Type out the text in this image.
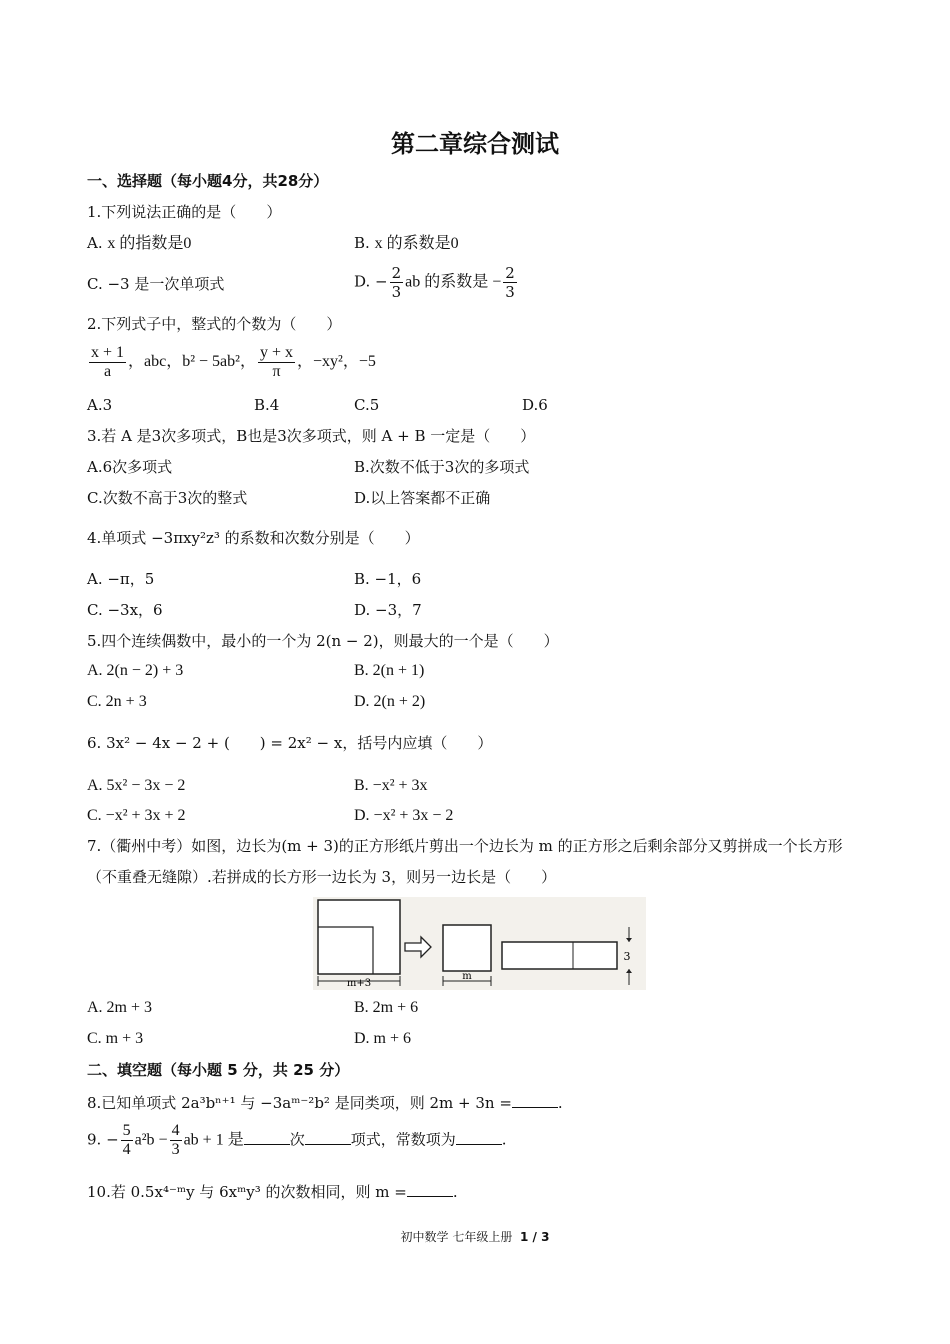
第二章综合测试
一、选择题（每小题4分，共28分）
1.下列说法正确的是（　　）
A. x 的指数是0	B. x 的系数是0
C. −3 是一次单项式	D. − $\frac{2}{3}$ ab 的系数是 − $\frac{2}{3}$
2.下列式子中，整式的个数为（　　）
$\frac{x + 1}{a}$ ，abc，b² − 5ab²， $\frac{y + x}{\pi}$ ，−xy²，−5
A.3	B.4	C.5	D.6
3.若 A 是3次多项式，B也是3次多项式，则 A + B 一定是（　　）
A.6次多项式	B.次数不低于3次的多项式
C.次数不高于3次的整式	D.以上答案都不正确
4.单项式 −3πxy²z³ 的系数和次数分别是（　　）
A. −π，5	B. −1，6
C. −3x，6	D. −3，7
5.四个连续偶数中，最小的一个为 2(n − 2)，则最大的一个是（　　）
A. 2(n − 2) + 3	B. 2(n + 1)
C. 2n + 3	D. 2(n + 2)
6. 3x² − 4x − 2 + (　　) = 2x² − x，括号内应填（　　）
A. 5x² − 3x − 2	B. −x² + 3x
C. −x² + 3x + 2	D. −x² + 3x − 2
7.（衢州中考）如图，边长为(m + 3)的正方形纸片剪出一个边长为 m 的正方形之后剩余部分又剪拼成一个长方形（不重叠无缝隙）.若拼成的长方形一边长为 3，则另一边长是（　　）
m+3
m
3
A. 2m + 3	B. 2m + 6
C. m + 3	D. m + 6
二、填空题（每小题 5 分，共 25 分）
8.已知单项式 2a³bⁿ⁺¹ 与 −3aᵐ⁻²b² 是同类项，则 2m + 3n =	.
9. − $\frac{5}{4} a^2b - \frac{4}{3}$ ab + 1 是	次	项式，常数项为	.
10.若 0.5x⁴⁻ᵐy 与 6xᵐy³ 的次数相同，则 m =	.
初中数学 七年级上册 1 / 3
